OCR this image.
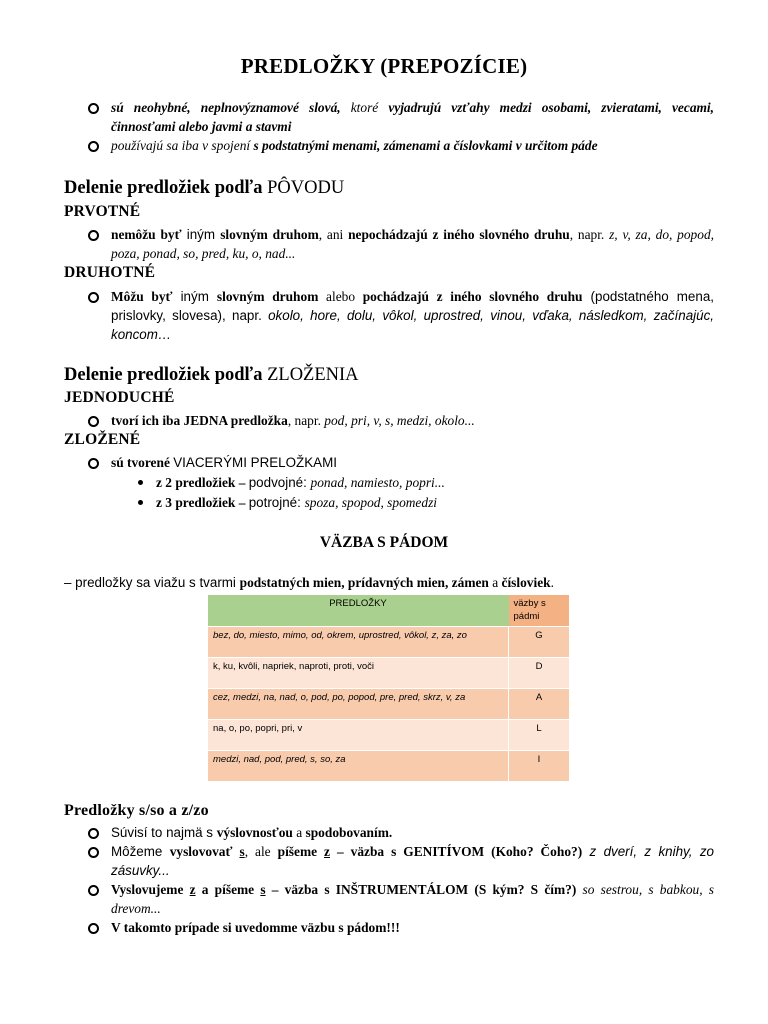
PREDLOŽKY (PREPOZÍCIE)
sú neohybné, neplnovýznamové slová, ktoré vyjadrujú vzťahy medzi osobami, zvieratami, vecami, činnosťami alebo javmi a stavmi
používajú sa iba v spojení s podstatnými menami, zámenami a číslovkami v určitom páde
Delenie predložiek podľa PÔVODU
PRVOTNÉ
nemôžu byť iným slovným druhom, ani nepochádzajú z iného slovného druhu, napr. z, v, za, do, popod, poza, ponad, so, pred, ku, o, nad...
DRUHOTNÉ
Môžu byť iným slovným druhom alebo pochádzajú z iného slovného druhu (podstatného mena, prislovky, slovesa), napr. okolo, hore, dolu, vôkol, uprostred, vinou, vďaka, následkom, začínajúc, koncom…
Delenie predložiek podľa ZLOŽENIA
JEDNODUCHÉ
tvorí ich iba JEDNA predložka, napr. pod, pri, v, s, medzi, okolo...
ZLOŽENÉ
sú tvorené VIACERÝMI PRELOŽKAMI
z 2 predložiek – podvojné: ponad, namiesto, popri...
z 3 predložiek – potrojné: spoza, spopod, spomedzi
VÄZBA S PÁDOM
– predložky sa viažu s tvarmi podstatných mien, prídavných mien, zámen a čísloviek.
PREDLOŽKY	väzby s pádmi
bez, do, miesto, mimo, od, okrem, uprostred, vôkol, z, za, zo	G
k, ku, kvôli, napriek, naproti, proti, voči	D
cez, medzi, na, nad, o, pod, po, popod, pre, pred, skrz, v, za	A
na, o, po, popri, pri, v	L
medzi, nad, pod, pred, s, so, za	I
Predložky s/so a z/zo
Súvisí to najmä s výslovnosťou a spodobovaním.
Môžeme vyslovovať s, ale píšeme z – väzba s GENITÍVOM (Koho? Čoho?) z dverí, z knihy, zo zásuvky...
Vyslovujeme z a píšeme s – väzba s INŠTRUMENTÁLOM (S kým? S čím?) so sestrou, s babkou, s drevom...
V takomto prípade si uvedomme väzbu s pádom!!!
